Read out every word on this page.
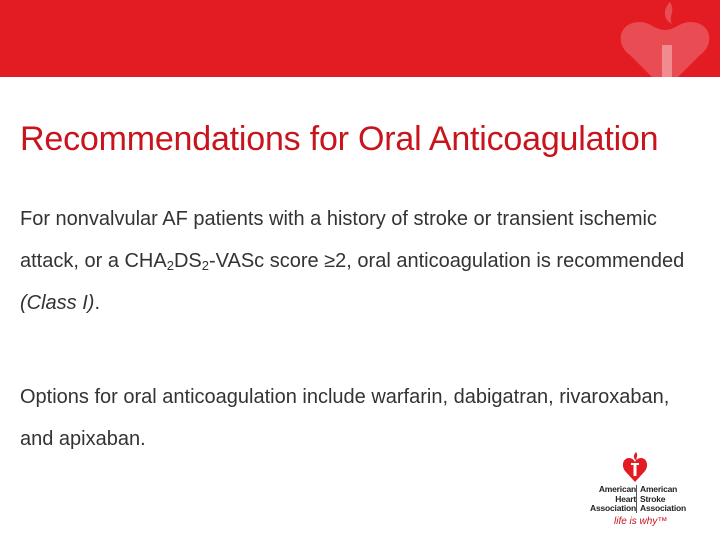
Recommendations for Oral Anticoagulation

For nonvalvular AF patients with a history of stroke or transient ischemic attack, or a $CHA_2DS_2$-VASc score ≥2, oral anticoagulation is recommended (Class I).

Options for oral anticoagulation include warfarin, dabigatran, rivaroxaban, and apixaban.

American
Heart
Association
American
Stroke
Association
life is why™
